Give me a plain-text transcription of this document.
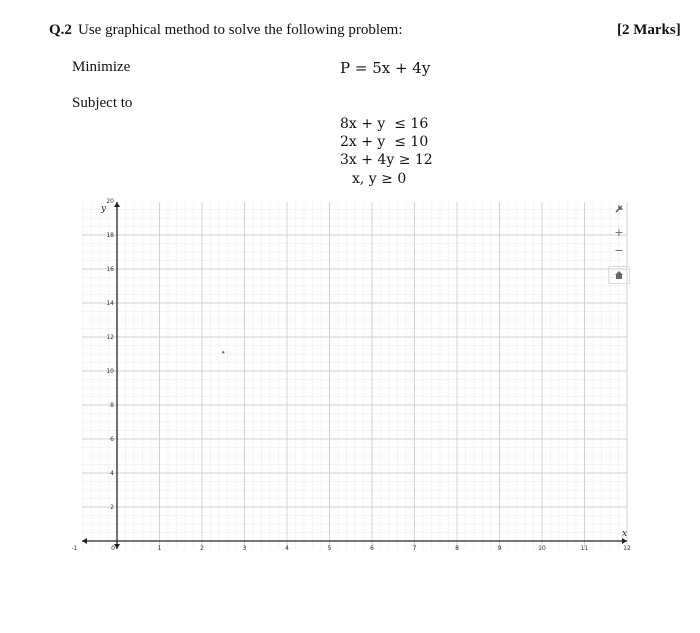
Q.2 Use graphical method to solve the following problem:	[2 Marks]
Minimize	P = 5x + 4y
Subject to
8x + y  ≤ 16
2x + y  ≤ 10
3x + 4y ≥ 12
x, y ≥ 0
-1	0	1	2	3	4	5	6	7	8	9	10	11	12
2
4
6
8
10
12
14
16
18
20
x
y
+
−
